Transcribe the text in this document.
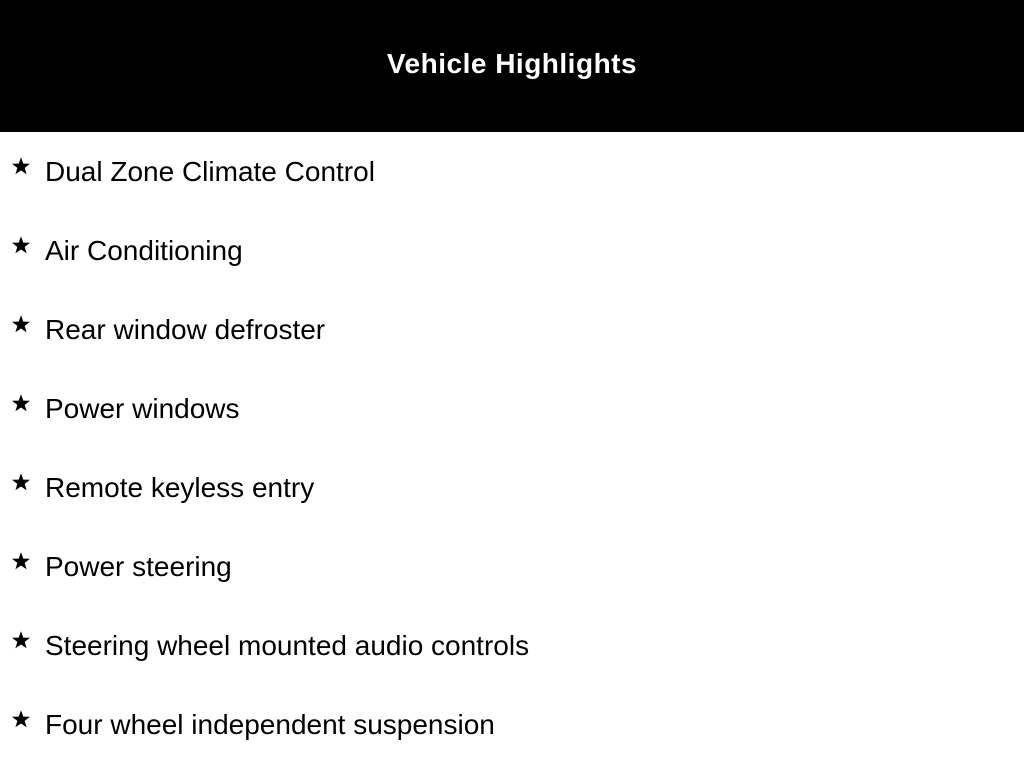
Vehicle Highlights
Dual Zone Climate Control
Air Conditioning
Rear window defroster
Power windows
Remote keyless entry
Power steering
Steering wheel mounted audio controls
Four wheel independent suspension
